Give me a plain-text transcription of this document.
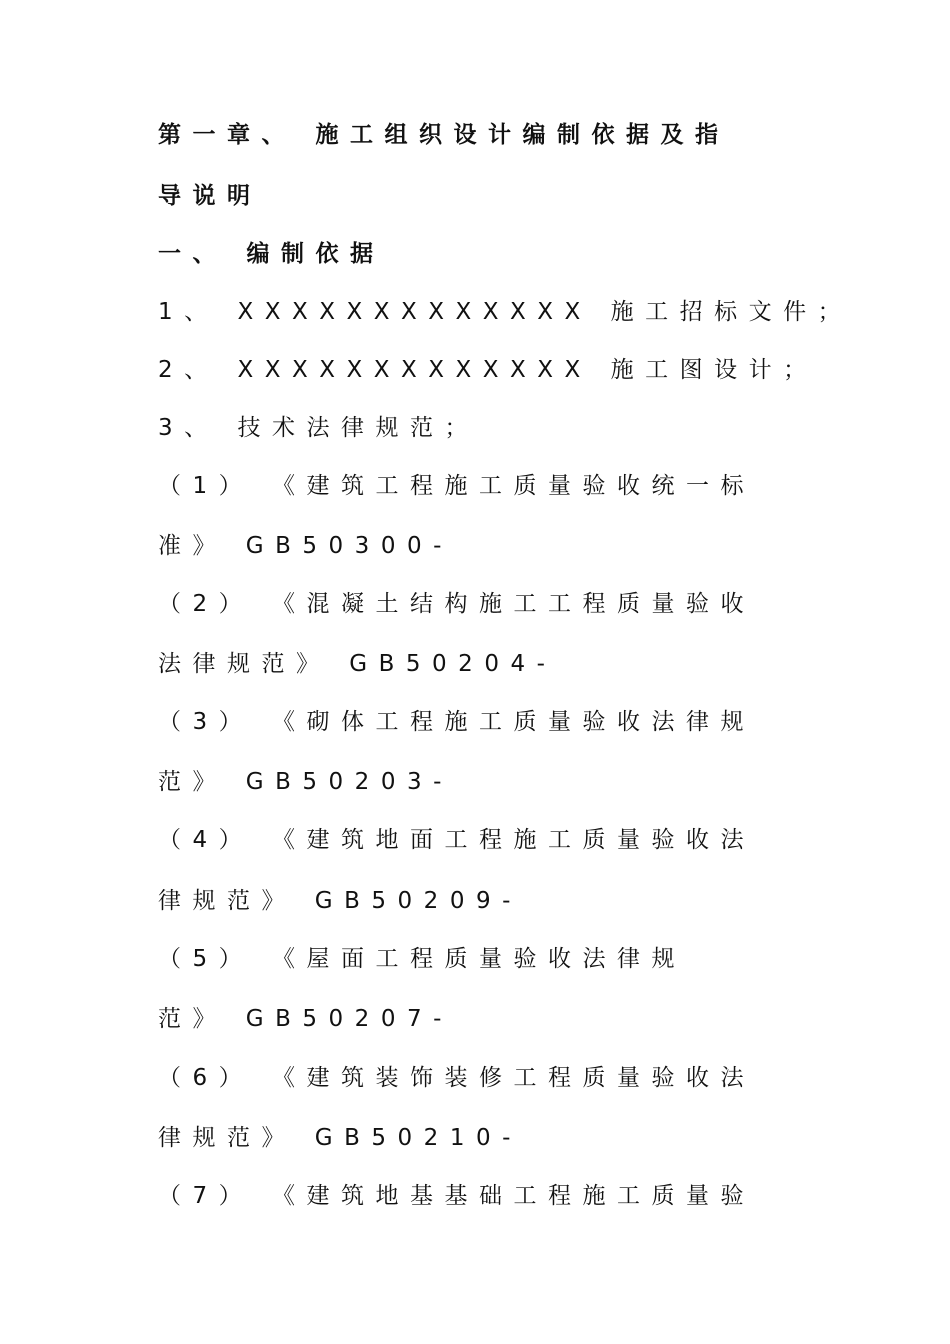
第一章、 施工组织设计编制依据及指
导说明
一、 编制依据
1、 XXXXXXXXXXXXX 施工招标文件；
2、 XXXXXXXXXXXXX 施工图设计；
3、 技术法律规范；
（1） 《建筑工程施工质量验收统一标
准》 GB50300-
（2） 《混凝土结构施工工程质量验收
法律规范》 GB50204-
（3） 《砌体工程施工质量验收法律规
范》 GB50203-
（4） 《建筑地面工程施工质量验收法
律规范》 GB50209-
（5） 《屋面工程质量验收法律规
范》 GB50207-
（6） 《建筑装饰装修工程质量验收法
律规范》 GB50210-
（7） 《建筑地基基础工程施工质量验
